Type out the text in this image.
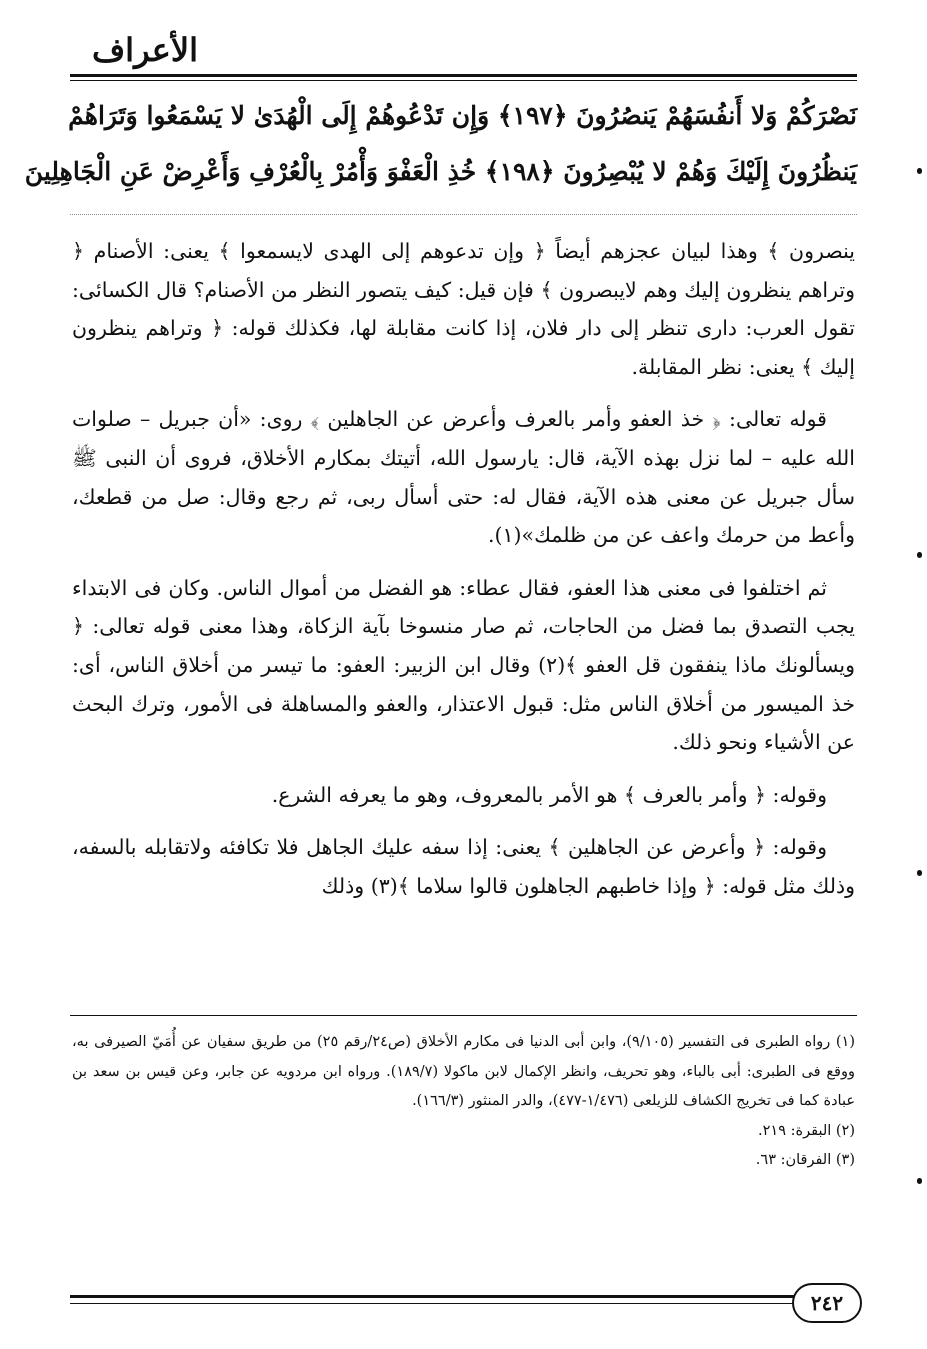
الأعراف
نَصْرَكُمْ وَلا أَنفُسَهُمْ يَنصُرُونَ ﴿١٩٧﴾ وَإِن تَدْعُوهُمْ إِلَى الْهُدَىٰ لا يَسْمَعُوا وَتَرَاهُمْ
يَنظُرُونَ إِلَيْكَ وَهُمْ لا يُبْصِرُونَ ﴿١٩٨﴾ خُذِ الْعَفْوَ وَأْمُرْ بِالْعُرْفِ وَأَعْرِضْ عَنِ الْجَاهِلِينَ

ينصرون ﴾ وهذا لبيان عجزهم أيضاً ﴿ وإن تدعوهم إلى الهدى لايسمعوا ﴾ يعنى: الأصنام ﴿ وتراهم ينظرون إليك وهم لايبصرون ﴾ فإن قيل: كيف يتصور النظر من الأصنام؟ قال الكسائى: تقول العرب: دارى تنظر إلى دار فلان، إذا كانت مقابلة لها، فكذلك قوله: ﴿ وتراهم ينظرون إليك ﴾ يعنى: نظر المقابلة.

قوله تعالى: ﴿ خذ العفو وأمر بالعرف وأعرض عن الجاهلين ﴾ روى: «أن جبريل – صلوات الله عليه – لما نزل بهذه الآية، قال: يارسول الله، أتيتك بمكارم الأخلاق، فروى أن النبى ﷺ سأل جبريل عن معنى هذه الآية، فقال له: حتى أسأل ربى، ثم رجع وقال: صل من قطعك، وأعط من حرمك واعف عن من ظلمك»(١).

ثم اختلفوا فى معنى هذا العفو، فقال عطاء: هو الفضل من أموال الناس. وكان فى الابتداء يجب التصدق بما فضل من الحاجات، ثم صار منسوخا بآية الزكاة، وهذا معنى قوله تعالى: ﴿ ويسألونك ماذا ينفقون قل العفو ﴾(٢) وقال ابن الزبير: العفو: ما تيسر من أخلاق الناس، أى: خذ الميسور من أخلاق الناس مثل: قبول الاعتذار، والعفو والمساهلة فى الأمور، وترك البحث عن الأشياء ونحو ذلك.

وقوله: ﴿ وأمر بالعرف ﴾ هو الأمر بالمعروف، وهو ما يعرفه الشرع.

وقوله: ﴿ وأعرض عن الجاهلين ﴾ يعنى: إذا سفه عليك الجاهل فلا تكافئه ولاتقابله بالسفه، وذلك مثل قوله: ﴿ وإذا خاطبهم الجاهلون قالوا سلاما ﴾(٣) وذلك

(١) رواه الطبرى فى التفسير (٩/١٠٥)، وابن أبى الدنيا فى مكارم الأخلاق (ص٢٤/رقم ٢٥) من طريق سفيان عن أُمَيّ الصيرفى به، ووقع فى الطبرى: أبى بالباء، وهو تحريف، وانظر الإكمال لابن ماكولا (١٨٩/٧). ورواه ابن مردويه عن جابر، وعن قيس بن سعد بن عبادة كما فى تخريج الكشاف للزيلعى (١/٤٧٦-٤٧٧)، والدر المنثور (١٦٦/٣).

(٢) البقرة: ٢١٩.

(٣) الفرقان: ٦٣.

٢٤٢
